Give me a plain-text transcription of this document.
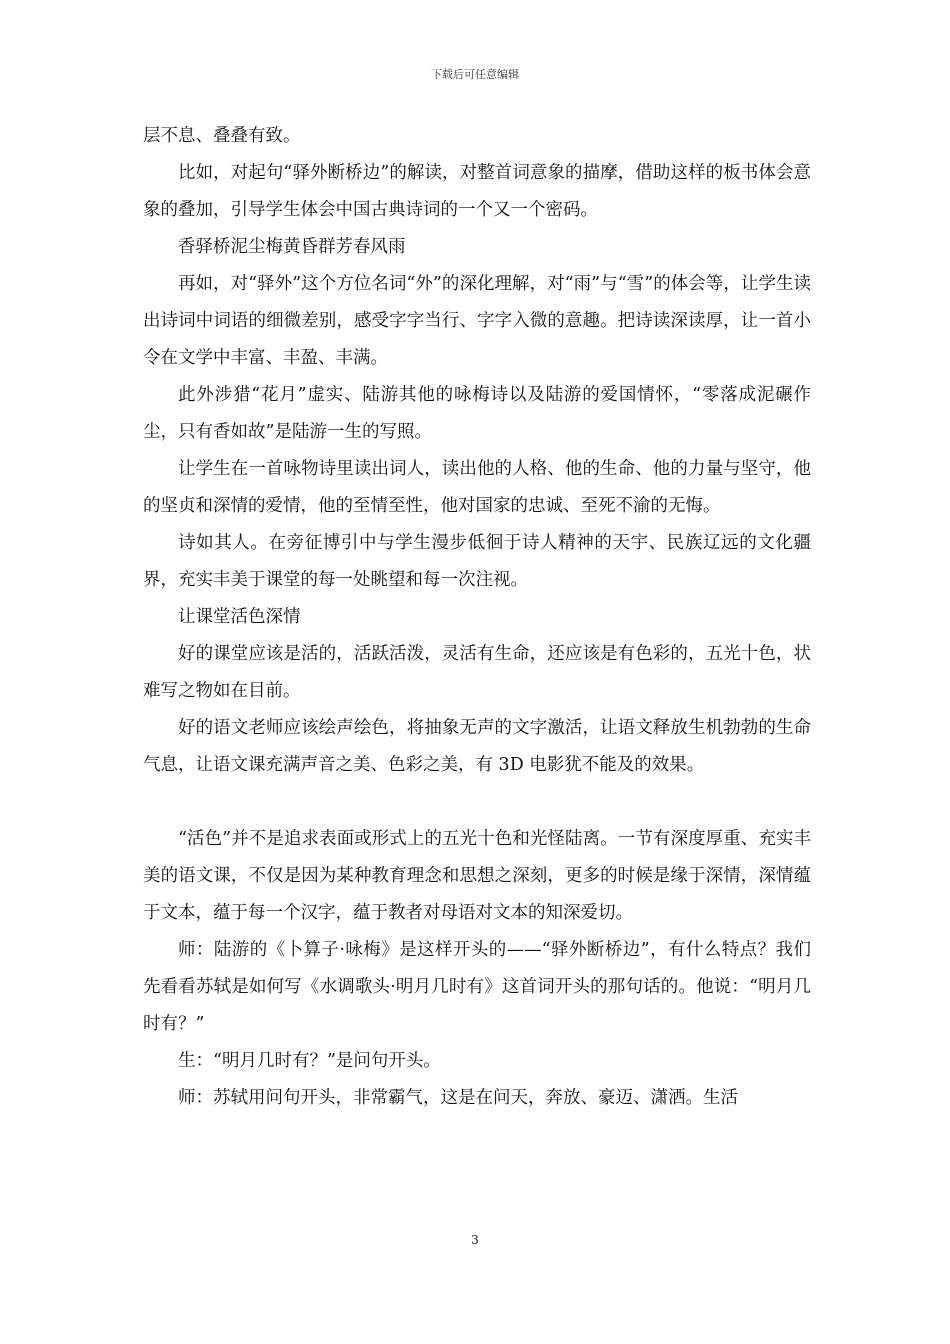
下载后可任意编辑

层不息、叠叠有致。

比如，对起句“驿外断桥边”的解读，对整首词意象的描摩，借助这样的板书体会意象的叠加，引导学生体会中国古典诗词的一个又一个密码。

香驿桥泥尘梅黄昏群芳春风雨

再如，对“驿外”这个方位名词“外”的深化理解，对“雨”与“雪”的体会等，让学生读出诗词中词语的细微差别，感受字字当行、字字入微的意趣。把诗读深读厚，让一首小令在文学中丰富、丰盈、丰满。

此外涉猎“花月”虚实、陆游其他的咏梅诗以及陆游的爱国情怀，“零落成泥碾作尘，只有香如故”是陆游一生的写照。

让学生在一首咏物诗里读出词人，读出他的人格、他的生命、他的力量与坚守，他的坚贞和深情的爱情，他的至情至性，他对国家的忠诚、至死不渝的无悔。

诗如其人。在旁征博引中与学生漫步低徊于诗人精神的天宇、民族辽远的文化疆界，充实丰美于课堂的每一处眺望和每一次注视。

让课堂活色深情

好的课堂应该是活的，活跃活泼，灵活有生命，还应该是有色彩的，五光十色，状难写之物如在目前。

好的语文老师应该绘声绘色，将抽象无声的文字激活，让语文释放生机勃勃的生命气息，让语文课充满声音之美、色彩之美，有 3D 电影犹不能及的效果。

“活色”并不是追求表面或形式上的五光十色和光怪陆离。一节有深度厚重、充实丰美的语文课，不仅是因为某种教育理念和思想之深刻，更多的时候是缘于深情，深情蕴于文本，蕴于每一个汉字，蕴于教者对母语对文本的知深爱切。

师：陆游的《卜算子·咏梅》是这样开头的——“驿外断桥边”，有什么特点？我们先看看苏轼是如何写《水调歌头·明月几时有》这首词开头的那句话的。他说：“明月几时有？”

生：“明月几时有？”是问句开头。

师：苏轼用问句开头，非常霸气，这是在问天，奔放、豪迈、潇洒。生活

3
